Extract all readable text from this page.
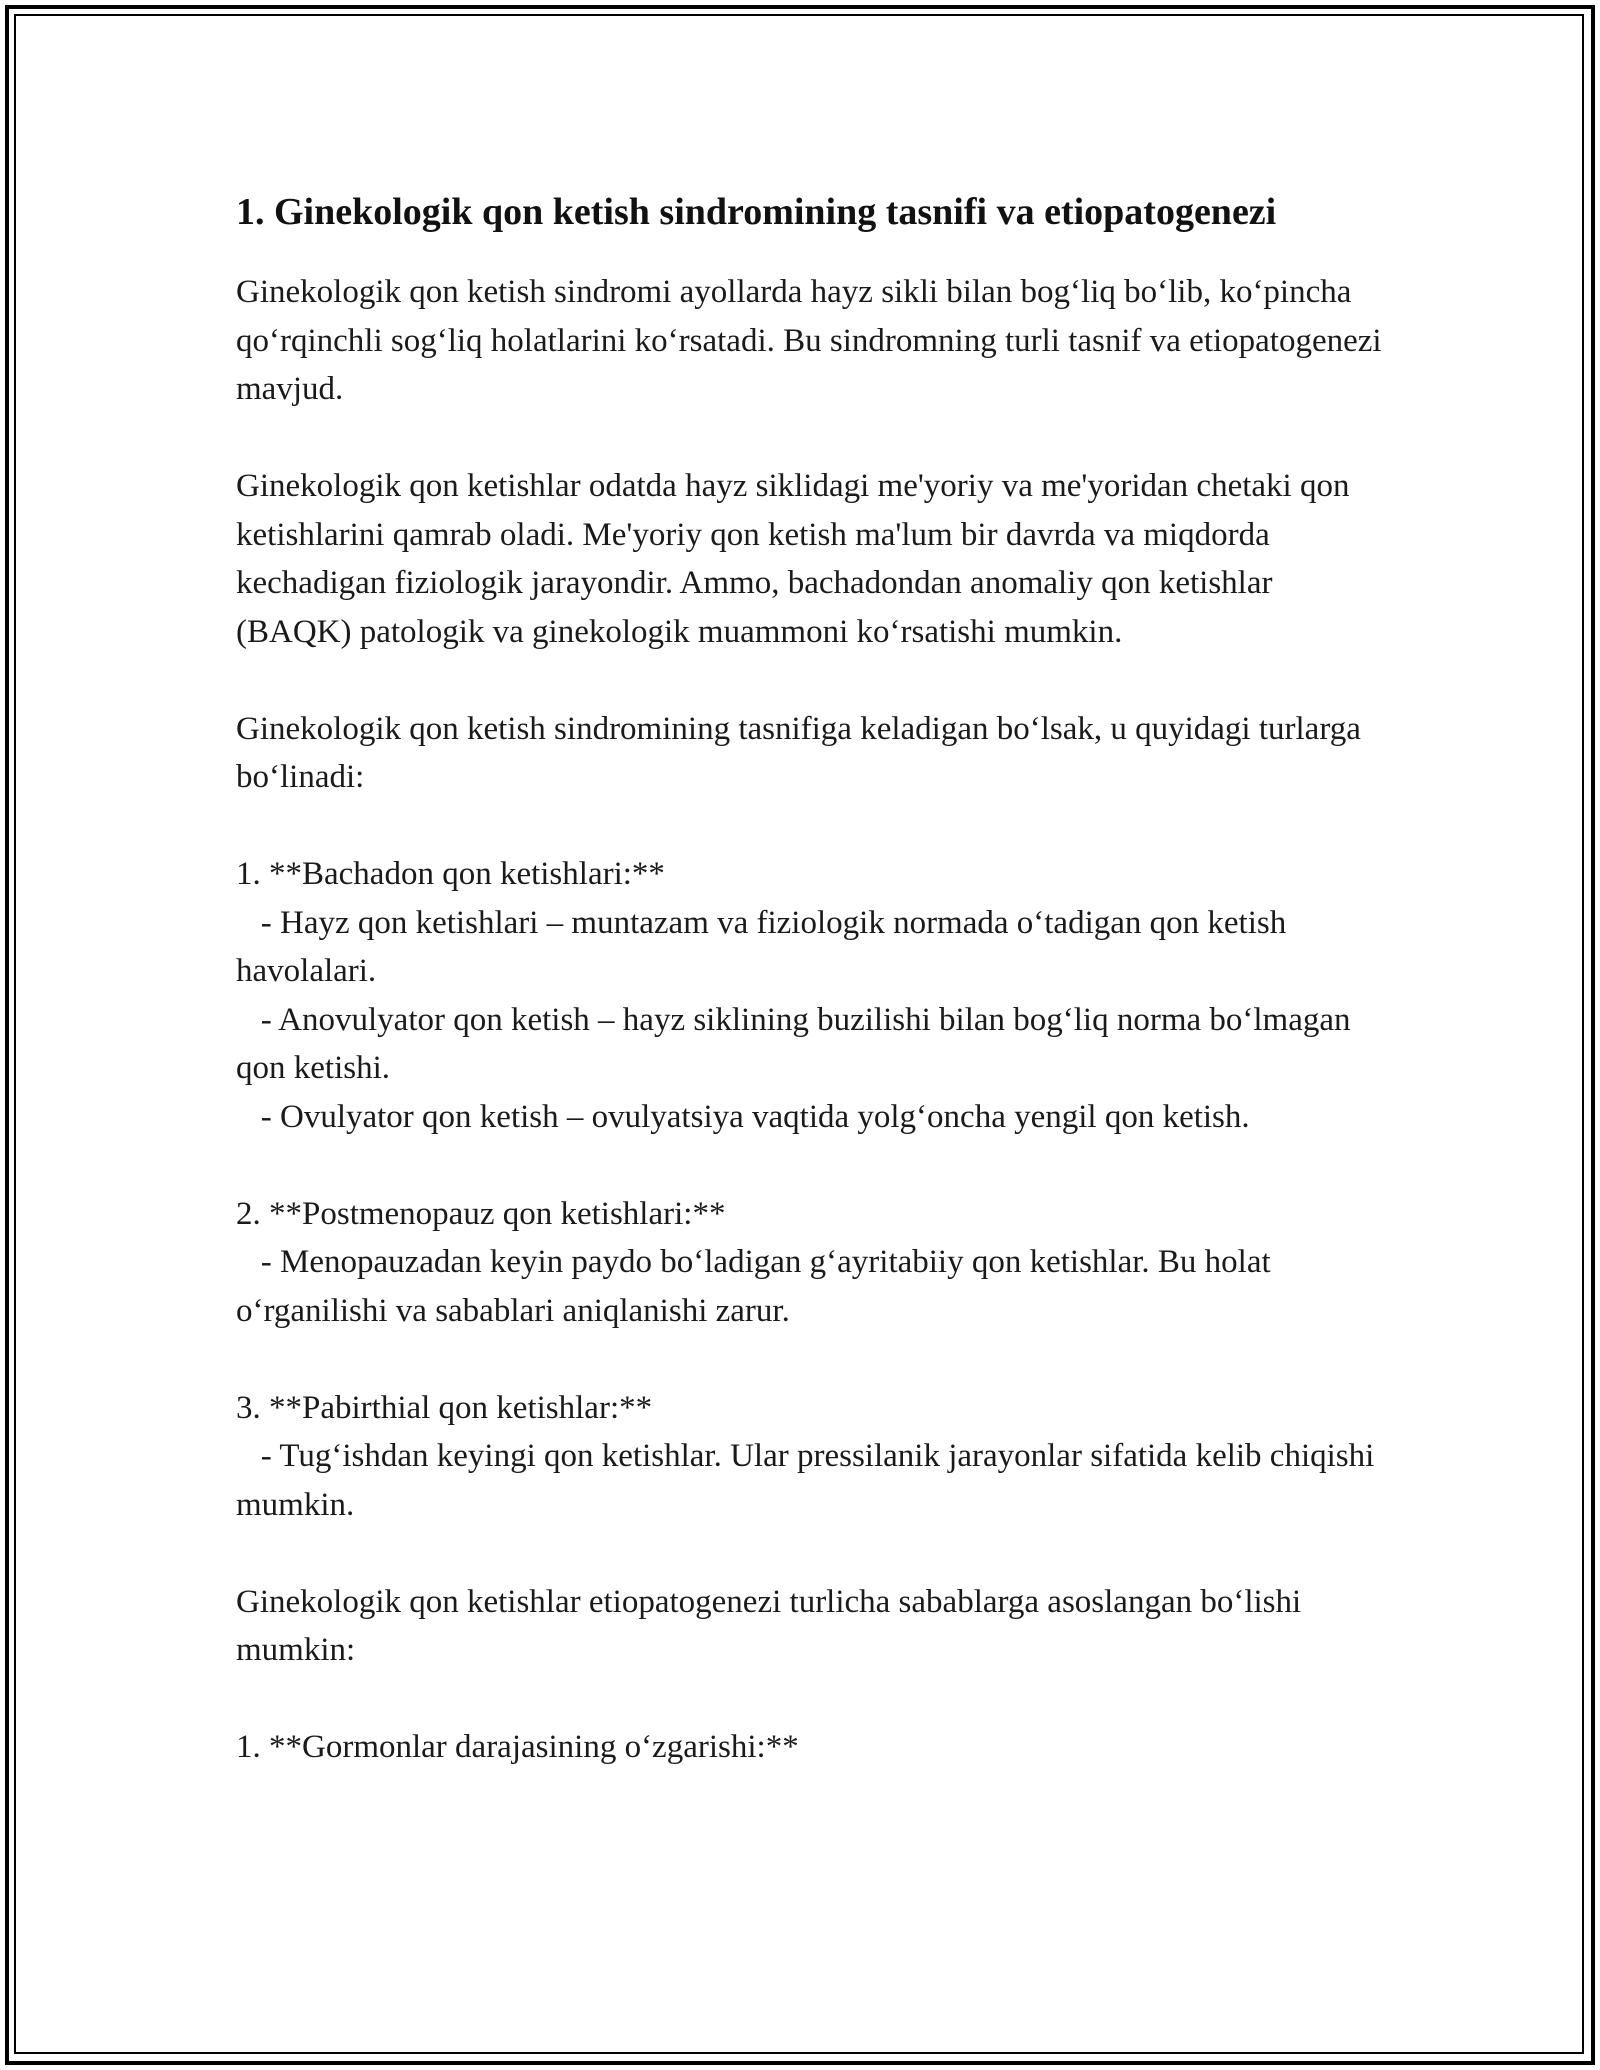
1. Ginekologik qon ketish sindromining tasnifi va etiopatogenezi

Ginekologik qon ketish sindromi ayollarda hayz sikli bilan bog‘liq bo‘lib, ko‘pincha qo‘rqinchli sog‘liq holatlarini ko‘rsatadi. Bu sindromning turli tasnif va etiopatogenezi mavjud.

Ginekologik qon ketishlar odatda hayz siklidagi me'yoriy va me'yoridan chetaki qon ketishlarini qamrab oladi. Me'yoriy qon ketish ma'lum bir davrda va miqdorda kechadigan fiziologik jarayondir. Ammo, bachadondan anomaliy qon ketishlar (BAQK) patologik va ginekologik muammoni ko‘rsatishi mumkin.

Ginekologik qon ketish sindromining tasnifiga keladigan bo‘lsak, u quyidagi turlarga bo‘linadi:

1. **Bachadon qon ketishlari:**
- Hayz qon ketishlari – muntazam va fiziologik normada o‘tadigan qon ketish havolalari.
- Anovulyator qon ketish – hayz siklining buzilishi bilan bog‘liq norma bo‘lmagan qon ketishi.
- Ovulyator qon ketish – ovulyatsiya vaqtida yolg‘oncha yengil qon ketish.

2. **Postmenopauz qon ketishlari:**
- Menopauzadan keyin paydo bo‘ladigan g‘ayritabiiy qon ketishlar. Bu holat o‘rganilishi va sabablari aniqlanishi zarur.

3. **Pabirthial qon ketishlar:**
- Tug‘ishdan keyingi qon ketishlar. Ular pressilanik jarayonlar sifatida kelib chiqishi mumkin.

Ginekologik qon ketishlar etiopatogenezi turlicha sabablarga asoslangan bo‘lishi mumkin:

1. **Gormonlar darajasining o‘zgarishi:**
